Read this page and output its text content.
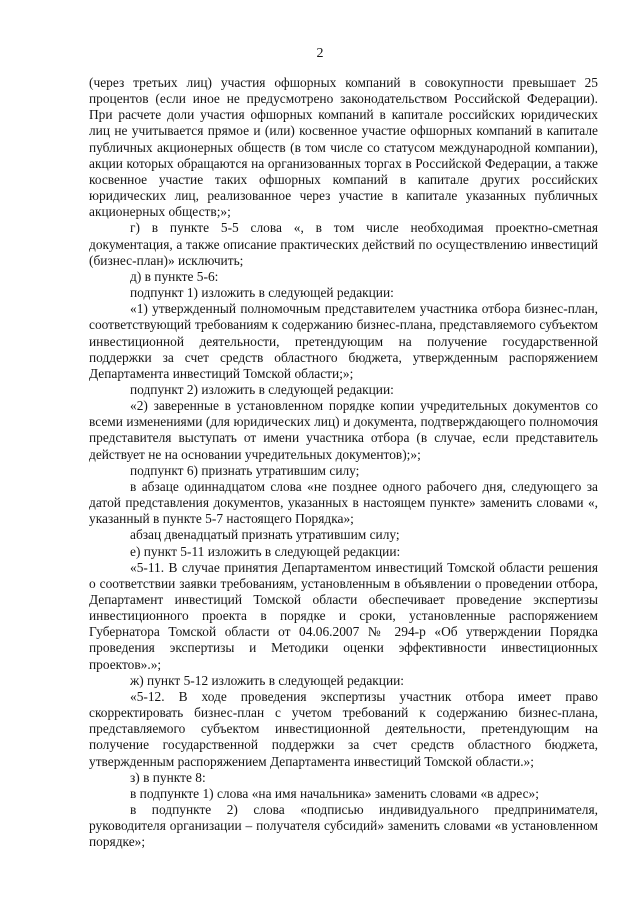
2

(через третьих лиц) участия офшорных компаний в совокупности превышает 25 процентов (если иное не предусмотрено законодательством Российской Федерации). При расчете доли участия офшорных компаний в капитале российских юридических лиц не учитывается прямое и (или) косвенное участие офшорных компаний в капитале публичных акционерных обществ (в том числе со статусом международной компании), акции которых обращаются на организованных торгах в Российской Федерации, а также косвенное участие таких офшорных компаний в капитале других российских юридических лиц, реализованное через участие в капитале указанных публичных акционерных обществ;»;

г) в пункте 5-5 слова «, в том числе необходимая проектно-сметная документация, а также описание практических действий по осуществлению инвестиций (бизнес-план)» исключить;

д) в пункте 5-6:

подпункт 1) изложить в следующей редакции:

«1) утвержденный полномочным представителем участника отбора бизнес-план, соответствующий требованиям к содержанию бизнес-плана, представляемого субъектом инвестиционной деятельности, претендующим на получение государственной поддержки за счет средств областного бюджета, утвержденным распоряжением Департамента инвестиций Томской области;»;

подпункт 2) изложить в следующей редакции:

«2) заверенные в установленном порядке копии учредительных документов со всеми изменениями (для юридических лиц) и документа, подтверждающего полномочия представителя выступать от имени участника отбора (в случае, если представитель действует не на основании учредительных документов);»;

подпункт 6) признать утратившим силу;

в абзаце одиннадцатом слова «не позднее одного рабочего дня, следующего за датой представления документов, указанных в настоящем пункте» заменить словами «, указанный в пункте 5-7 настоящего Порядка»;

абзац двенадцатый признать утратившим силу;

е) пункт 5-11 изложить в следующей редакции:

«5-11. В случае принятия Департаментом инвестиций Томской области решения о соответствии заявки требованиям, установленным в объявлении о проведении отбора, Департамент инвестиций Томской области обеспечивает проведение экспертизы инвестиционного проекта в порядке и сроки, установленные распоряжением Губернатора Томской области от 04.06.2007 № 294-р «Об утверждении Порядка проведения экспертизы и Методики оценки эффективности инвестиционных проектов».»;

ж) пункт 5-12 изложить в следующей редакции:

«5-12. В ходе проведения экспертизы участник отбора имеет право скорректировать бизнес-план с учетом требований к содержанию бизнес-плана, представляемого субъектом инвестиционной деятельности, претендующим на получение государственной поддержки за счет средств областного бюджета, утвержденным распоряжением Департамента инвестиций Томской области.»;

з) в пункте 8:

в подпункте 1) слова «на имя начальника» заменить словами «в адрес»;

в подпункте 2) слова «подписью индивидуального предпринимателя, руководителя организации – получателя субсидий» заменить словами «в установленном порядке»;
